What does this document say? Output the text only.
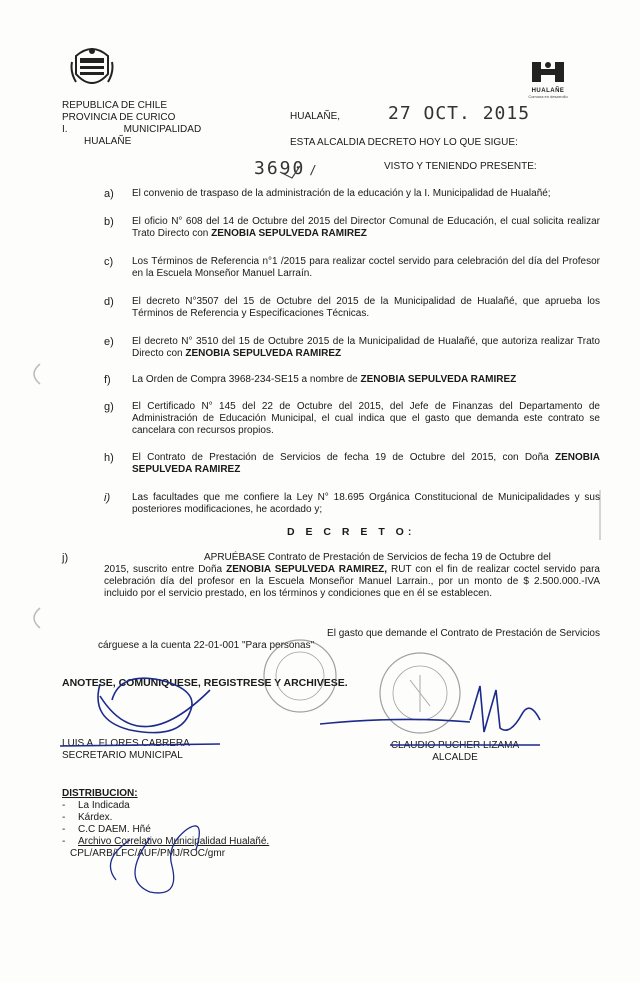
HUALAÑE
Comuna en desarrollo
REPUBLICA DE CHILE
PROVINCIA DE CURICO
I.	MUNICIPALIDAD
HUALAÑE
HUALAÑE,	27 OCT. 2015
ESTA ALCALDIA DECRETO HOY LO QUE SIGUE:
3690 /	VISTO Y TENIENDO PRESENTE:
a) El convenio de traspaso de la administración de la educación y la I. Municipalidad de Hualañé;
b) El oficio N° 608 del 14 de Octubre del 2015 del Director Comunal de Educación, el cual solicita realizar Trato Directo con ZENOBIA SEPULVEDA RAMIREZ
c) Los Términos de Referencia n°1 /2015 para realizar coctel servido para celebración del día del Profesor en la Escuela Monseñor Manuel Larraín.
d) El decreto N°3507 del 15 de Octubre del 2015 de la Municipalidad de Hualañé, que aprueba los Términos de Referencia y Especificaciones Técnicas.
e) El decreto N° 3510 del 15 de Octubre 2015 de la Municipalidad de Hualañé, que autoriza realizar Trato Directo con ZENOBIA SEPULVEDA RAMIREZ
f) La Orden de Compra 3968-234-SE15 a nombre de ZENOBIA SEPULVEDA RAMIREZ
g) El Certificado N° 145 del 22 de Octubre del 2015, del Jefe de Finanzas del Departamento de Administración de Educación Municipal, el cual indica que el gasto que demanda este contrato se cancelara con recursos propios.
h) El Contrato de Prestación de Servicios de fecha 19 de Octubre del 2015, con Doña ZENOBIA SEPULVEDA RAMIREZ
i) Las facultades que me confiere la Ley N° 18.695 Orgánica Constitucional de Municipalidades y sus posteriores modificaciones, he acordado y;
D E C R E T O:
j)	APRUÉBASE Contrato de Prestación de Servicios de fecha 19 de Octubre del
2015, suscrito entre Doña ZENOBIA SEPULVEDA RAMIREZ, RUT con el fin de realizar coctel servido para celebración día del profesor en la Escuela Monseñor Manuel Larrain., por un monto de $ 2.500.000.-IVA incluido por el servicio prestado, en los términos y condiciones que en él se establecen.
El gasto que demande el Contrato de Prestación de Servicios
cárguese a la cuenta 22-01-001 "Para personas"
ANOTESE, COMUNIQUESE, REGISTRESE Y ARCHIVESE.
LUIS A. FLORES CABRERA
SECRETARIO MUNICIPAL
CLAUDIO PUCHER LIZAMA
ALCALDE
DISTRIBUCION:
- La Indicada
- Kárdex.
- C.C DAEM. Hñé
- Archivo Correlativo Municipalidad Hualañé.
CPL/ARB/LFC/AUF/PMJ/ROC/gmr
